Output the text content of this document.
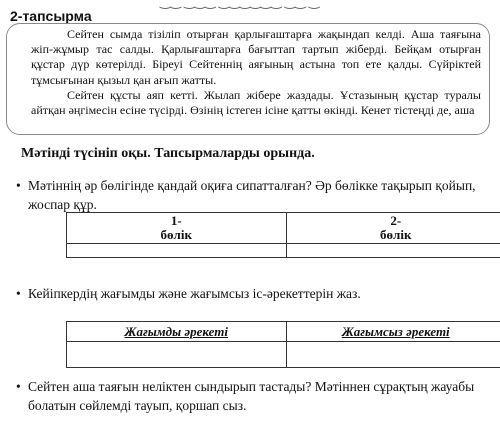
‿‿ ‿‿‿ ‿‿‿‿‿‿ ‿‿ ‿
2-тапсырма

Сейтен сымда тізіліп отырған қарлығаштарға жақындап келді. Аша таяғына жіп-жұмыр тас салды. Қарлығаштарға бағыттап тартып жіберді. Бейқам отырған құстар дүр көтерілді. Біреуі Сейтеннің аяғының астына топ ете қалды. Сүйріктей тұмсығынан қызыл қан ағып жатты.

Сейтен құсты аяп кетті. Жылап жібере жаздады. Ұстазының құстар туралы айтқан әңгімесін есіне түсірді. Өзінің істеген ісіне қатты өкінді. Кенет тістеңді де, аша

Мәтінді түсініп оқы. Тапсырмаларды орында.
• Мәтіннің әр бөлігінде қандай оқиға сипатталған? Әр бөлікке тақырып қойып, жоспар құр.
1-
бөлік	2-
бөлік

• Кейіпкердің жағымды және жағымсыз іс-әрекеттерін жаз.
Жағымды әрекеті	Жағымсыз әрекеті

• Сейтен аша таяғын неліктен сындырып тастады? Мәтіннен сұрақтың жауабы болатын сөйлемді тауып, қоршап сыз.
